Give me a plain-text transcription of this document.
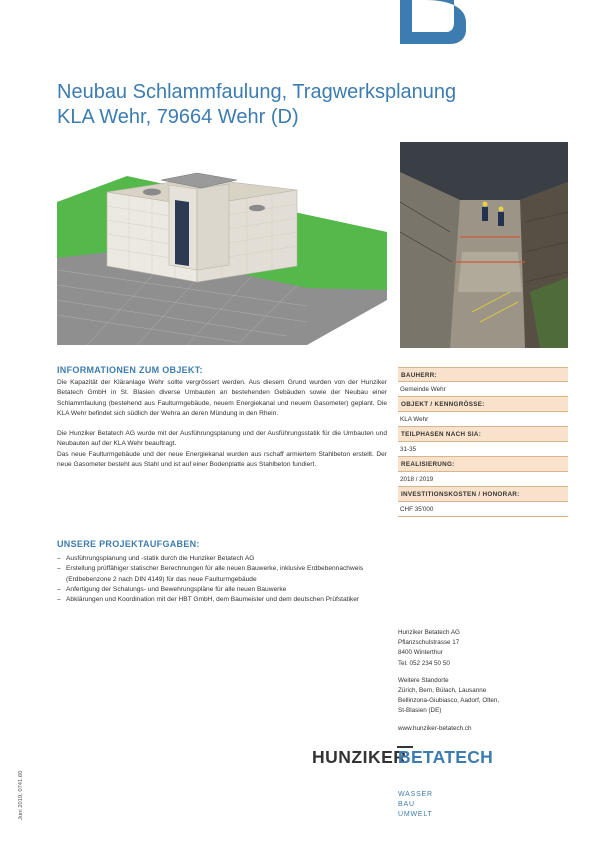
Neubau Schlammfaulung, Tragwerksplanung
KLA Wehr, 79664 Wehr (D)
INFORMATIONEN ZUM OBJEKT:

Die Kapazität der Kläranlage Wehr sollte vergrössert werden. Aus diesem Grund wurden von der Hunziker Betatech GmbH in St. Blasien diverse Umbauten an bestehenden Gebäuden sowie der Neubau einer Schlammfaulung (bestehend aus Faulturmgebäude, neuem Energiekanal und neuem Gasometer) geplant. Die KLA Wehr befindet sich südlich der Wehra an deren Mündung in den Rhein.

Die Hunziker Betatech AG wurde mit der Ausführungsplanung und der Ausführungsstatik für die Umbauten und Neubauten auf der KLA Wehr beauftragt.

Das neue Faulturmgebäude und der neue Energiekanal wurden aus rschaff armiertem Stahlbeton erstellt. Der neue Gasometer besteht aus Stahl und ist auf einer Bodenplatte aus Stahlbeton fundiert.

UNSERE PROJEKTAUFGABEN:
– Ausführungsplanung und -statik durch die Hunziker Betatech AG
– Erstellung prüffähiger statischer Berechnungen für alle neuen Bauwerke, inklusive Erdbebennachweis (Erdbebenzone 2 nach DIN 4149) für das neue Faulturmgebäude
– Anfertigung der Schalungs- und Bewehrungspläne für alle neuen Bauwerke
– Abklärungen und Koordination mit der HBT GmbH, dem Baumeister und dem deutschen Prüfstatiker
BAUHERR:
Gemeinde Wehr
OBJEKT / KENNGRÖSSE:
KLA Wehr
TEILPHASEN NACH SIA:
31-35
REALISIERUNG:
2018 / 2019
INVESTITIONSKOSTEN / HONORAR:
CHF 35'000
Hunziker Betatech AG
Pflanzschulstrasse 17
8400 Winterthur
Tel. 052 234 50 50
Weitere Standorte
Zürich, Bern, Bülach, Lausanne
Bellinzona-Giubiasco, Aadorf, Olten,
St-Blasien (DE)
www.hunziker-betatech.ch
HUNZIKER
BETATECH
WASSER
BAU
UMWELT
Juni 2019, 0741.60
